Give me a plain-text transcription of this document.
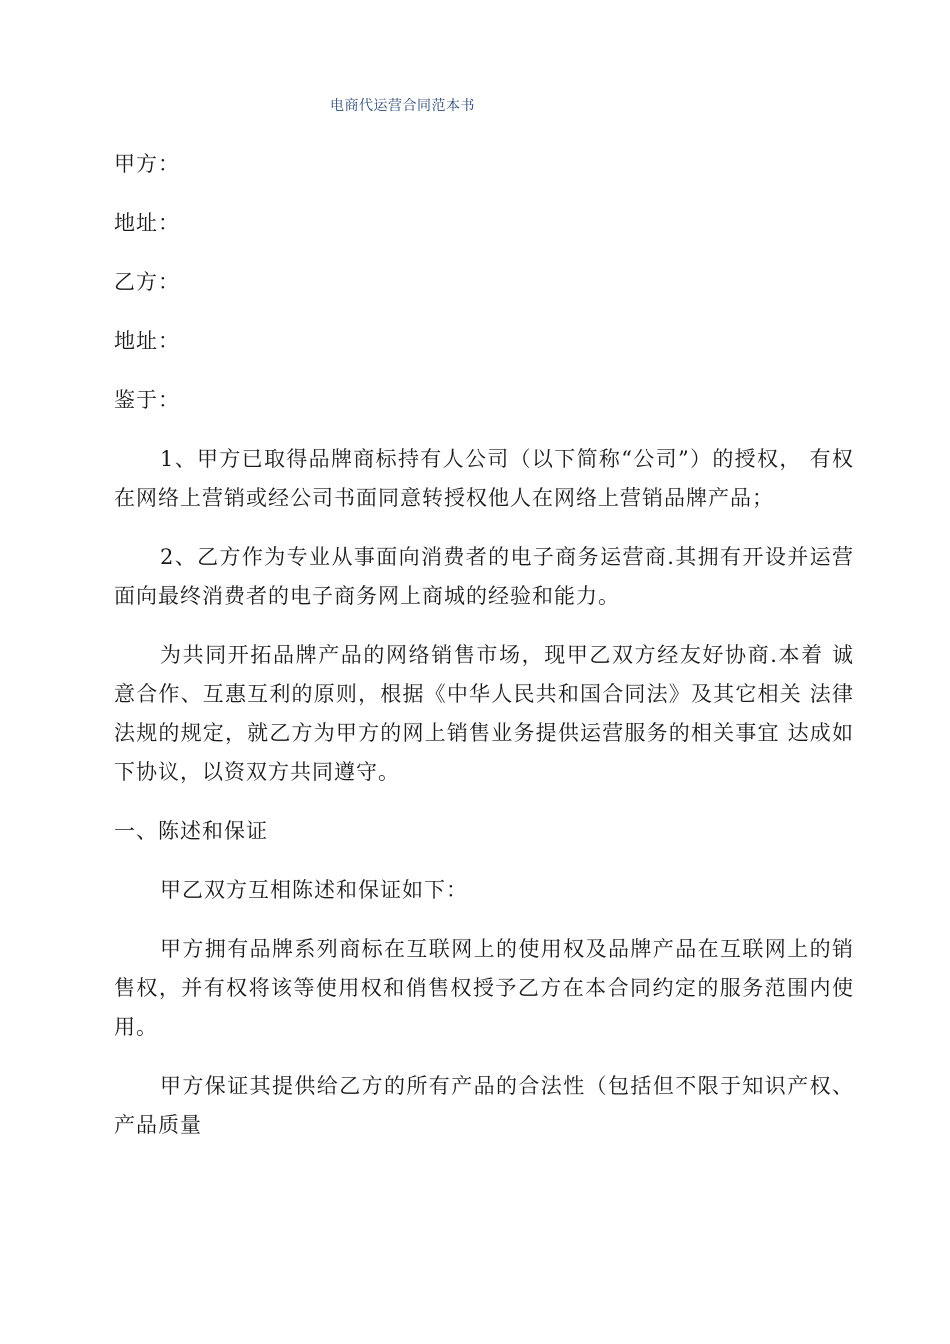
电商代运营合同范本书

甲方：

地址：

乙方：

地址：

鉴于：

1、甲方已取得品牌商标持有人公司（以下简称“公司”）的授权， 有权在网络上营销或经公司书面同意转授权他人在网络上营销品牌产品；

2、乙方作为专业从事面向消费者的电子商务运营商.其拥有开设并运营面向最终消费者的电子商务网上商城的经验和能力。

为共同开拓品牌产品的网络销售市场，现甲乙双方经友好协商.本着 诚意合作、互惠互利的原则，根据《中华人民共和国合同法》及其它相关 法律法规的规定，就乙方为甲方的网上销售业务提供运营服务的相关事宜 达成如下协议，以资双方共同遵守。

一、陈述和保证

甲乙双方互相陈述和保证如下：

甲方拥有品牌系列商标在互联网上的使用权及品牌产品在互联网上的销售权，并有权将该等使用权和俏售权授予乙方在本合同约定的服务范围内使用。

甲方保证其提供给乙方的所有产品的合法性（包括但不限于知识产权、产品质量
